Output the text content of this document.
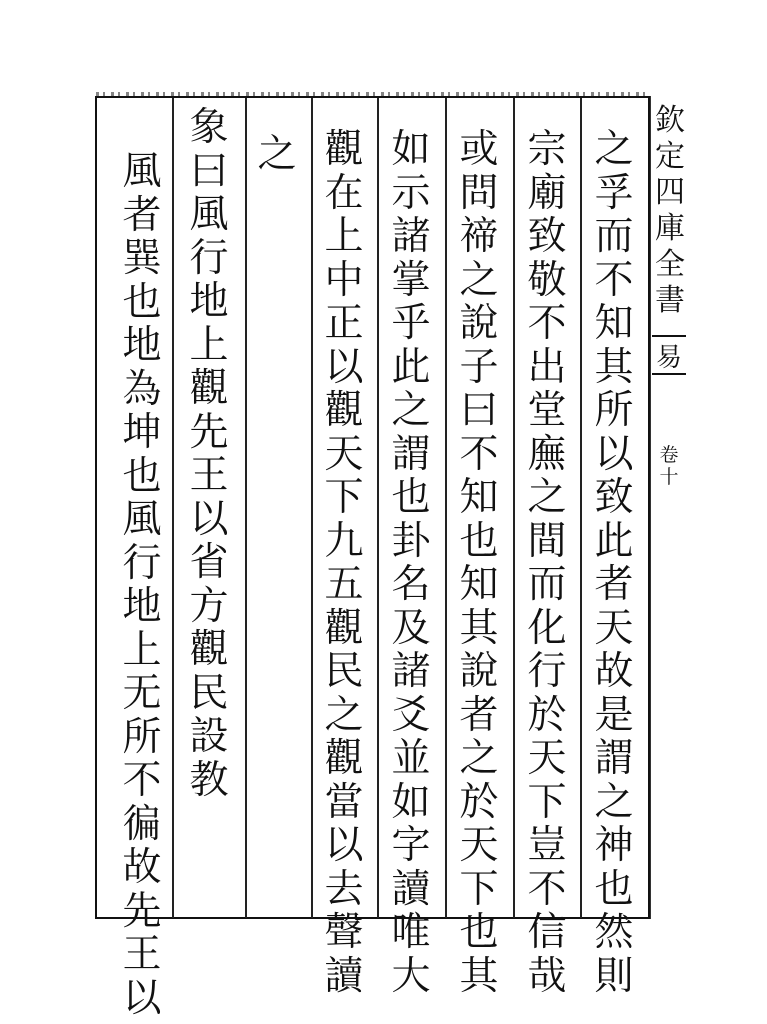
欽
定
四
庫
全
書
易
卷
十
之
孚
而
不
知
其
所
以
致
此
者
天
故
是
謂
之
神
也
然
則
宗
廟
致
敬
不
出
堂
廡
之
間
而
化
行
於
天
下
豈
不
信
哉
或
問
禘
之
說
子
曰
不
知
也
知
其
說
者
之
於
天
下
也
其
如
示
諸
掌
乎
此
之
謂
也
卦
名
及
諸
爻
並
如
字
讀
唯
大
觀
在
上
中
正
以
觀
天
下
九
五
觀
民
之
觀
當
以
去
聲
讀
之
象
曰
風
行
地
上
觀
先
王
以
省
方
觀
民
設
教
風
者
巽
也
地
為
坤
也
風
行
地
上
无
所
不
徧
故
先
王
以
